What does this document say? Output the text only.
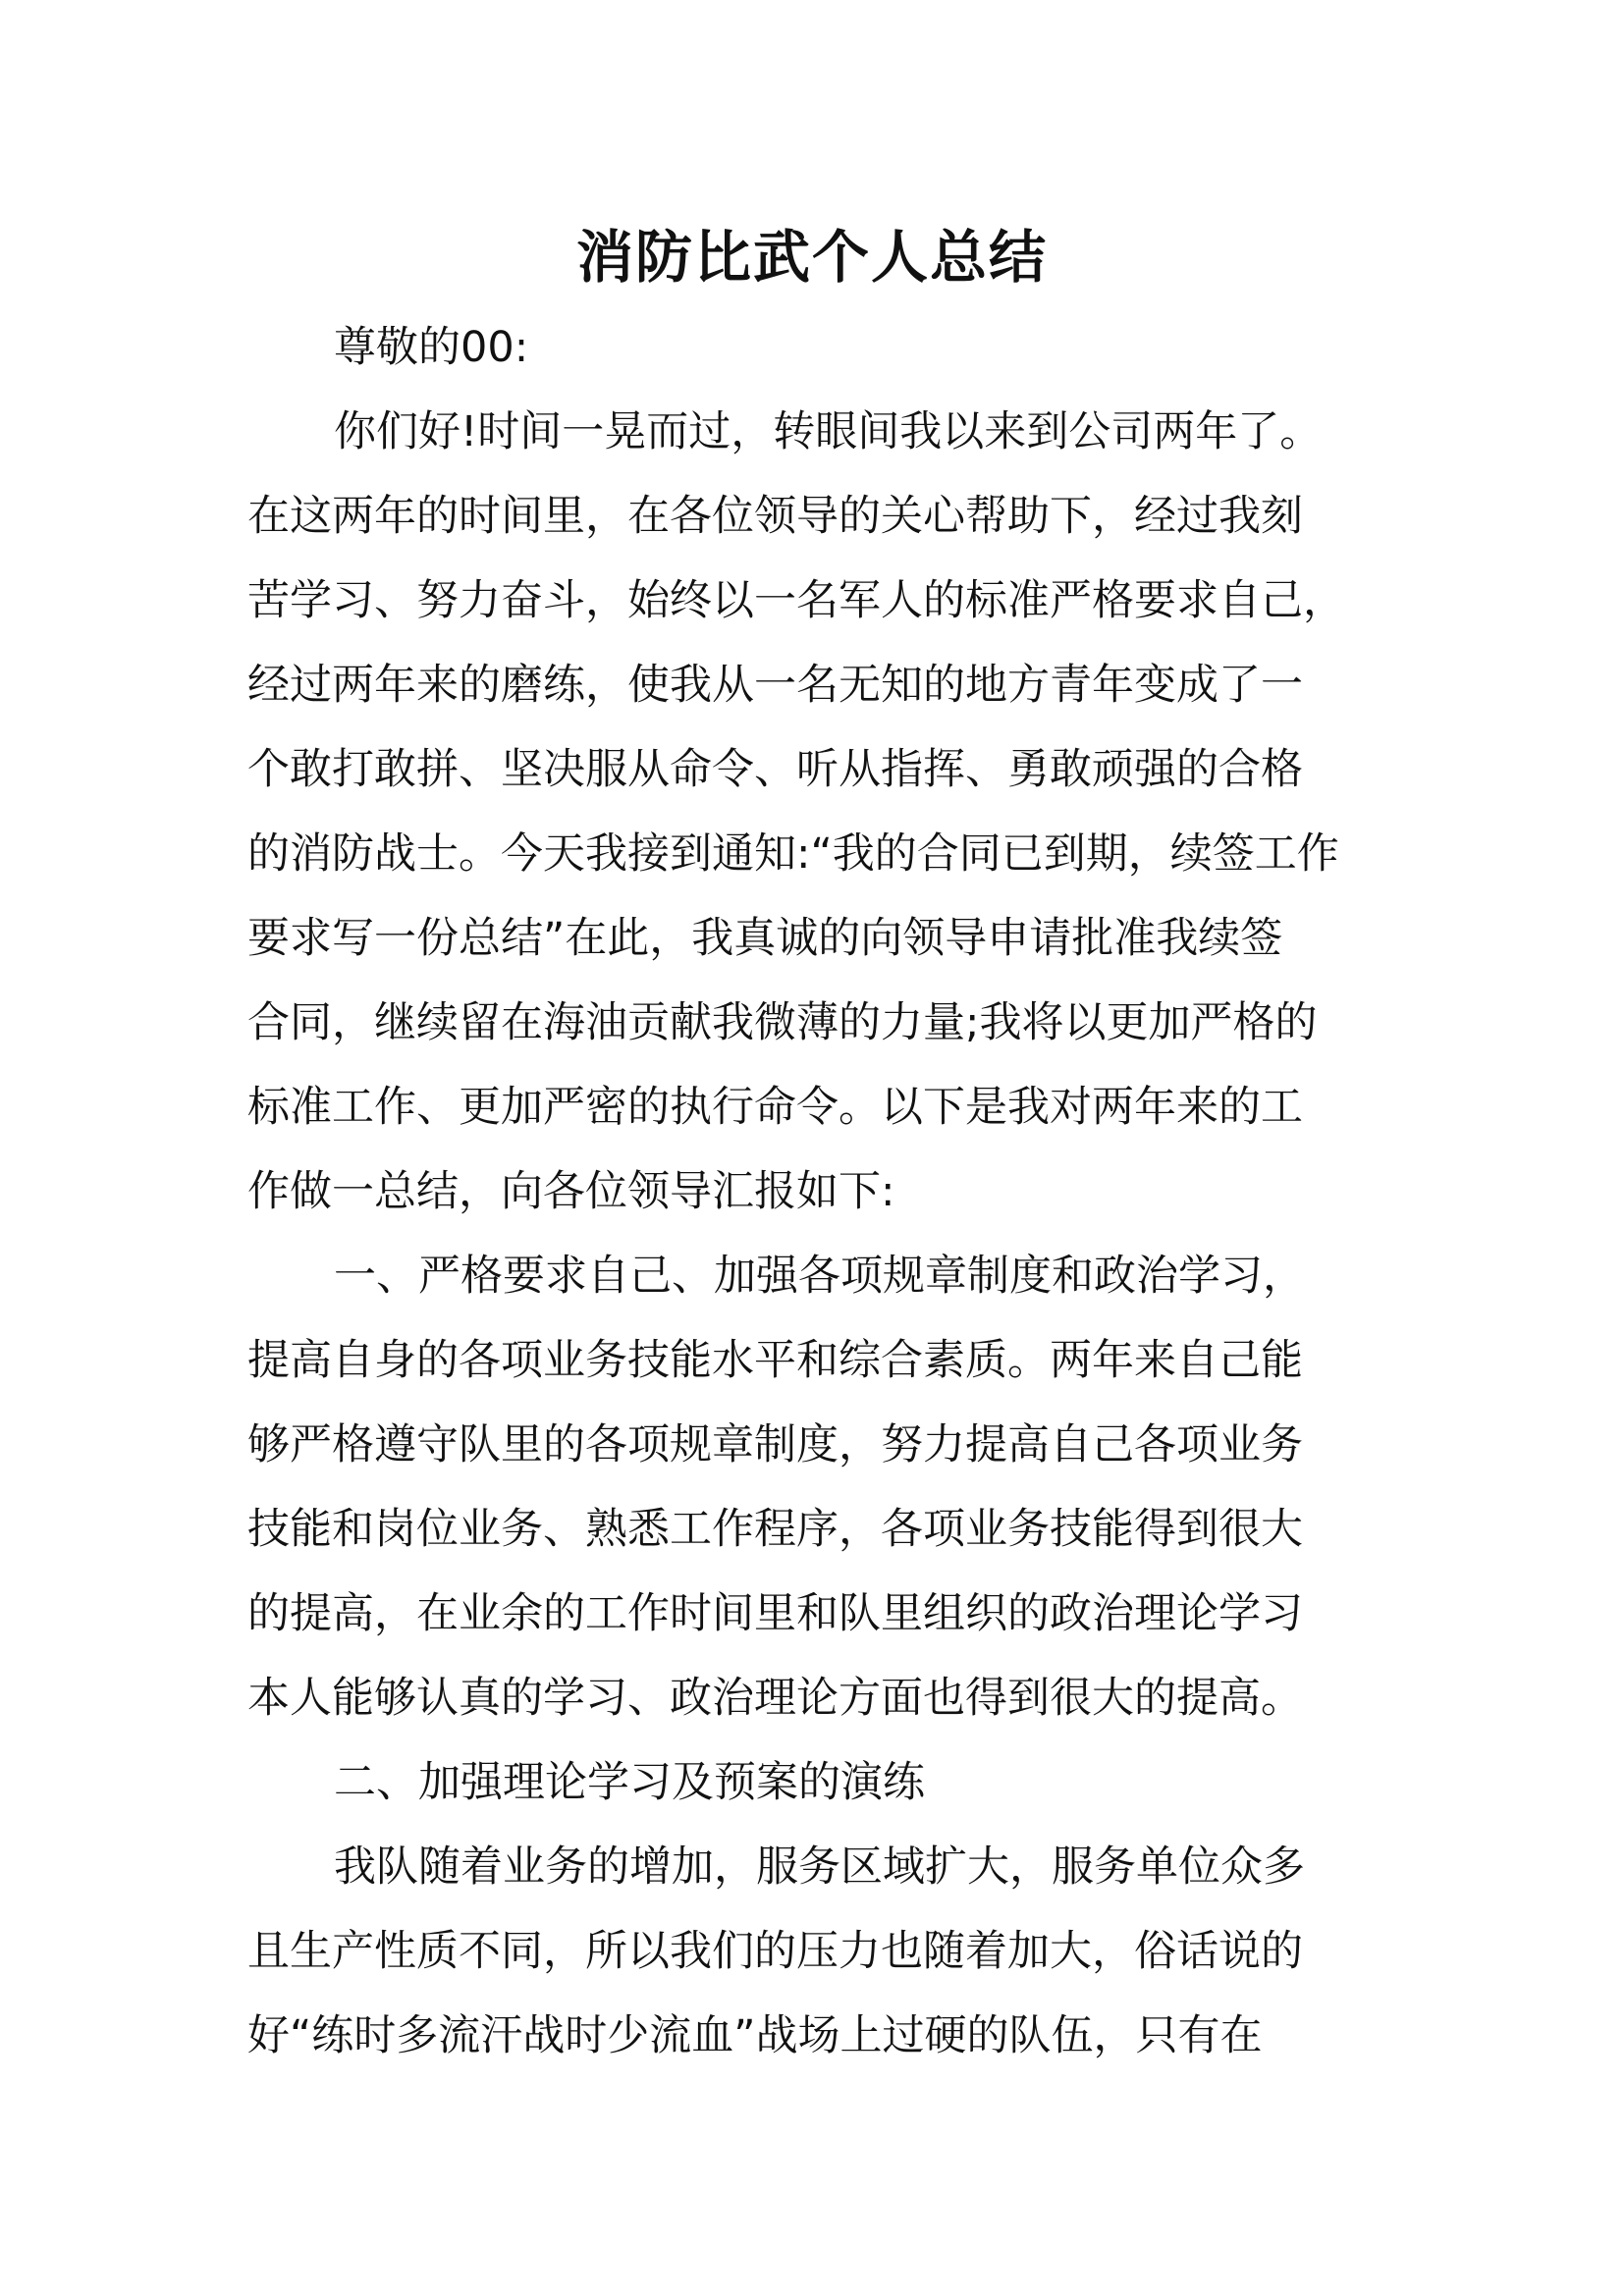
消防比武个人总结
尊敬的00:
你们好!时间一晃而过，转眼间我以来到公司两年了。
在这两年的时间里，在各位领导的关心帮助下，经过我刻
苦学习、努力奋斗，始终以一名军人的标准严格要求自己，
经过两年来的磨练，使我从一名无知的地方青年变成了一
个敢打敢拼、坚决服从命令、听从指挥、勇敢顽强的合格
的消防战士。今天我接到通知:“我的合同已到期，续签工作
要求写一份总结”在此，我真诚的向领导申请批准我续签
合同，继续留在海油贡献我微薄的力量;我将以更加严格的
标准工作、更加严密的执行命令。以下是我对两年来的工
作做一总结，向各位领导汇报如下:
一、严格要求自己、加强各项规章制度和政治学习，
提高自身的各项业务技能水平和综合素质。两年来自己能
够严格遵守队里的各项规章制度，努力提高自己各项业务
技能和岗位业务、熟悉工作程序，各项业务技能得到很大
的提高，在业余的工作时间里和队里组织的政治理论学习
本人能够认真的学习、政治理论方面也得到很大的提高。
二、加强理论学习及预案的演练
我队随着业务的增加，服务区域扩大，服务单位众多
且生产性质不同，所以我们的压力也随着加大，俗话说的
好“练时多流汗战时少流血”战场上过硬的队伍，只有在
